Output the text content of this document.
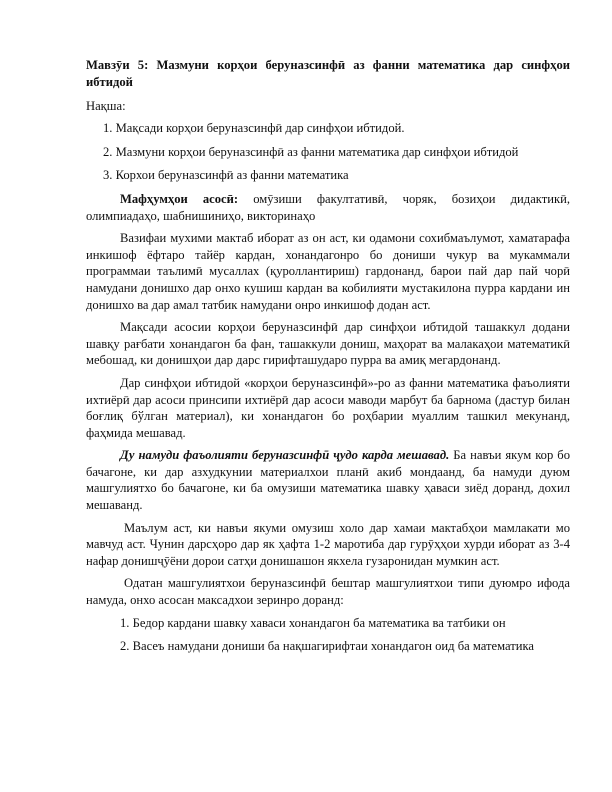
Мавзӯи 5: Мазмуни корҳои беруназсинфӣ аз фанни математика дар синфҳои ибтидой

Нақша:

1. Мақсади корҳои беруназсинфӣ дар синфҳои ибтидой.

2. Мазмуни корҳои беруназсинфӣ аз фанни математика дар синфҳои ибтидой

3. Корхои беруназсинфӣ аз фанни математика

Мафҳумҳои асосӣ: омӯзиши факултативӣ, чоряк, бозиҳои дидактикӣ, олимпиадаҳо, шабнишиниҳо, викторинаҳо

Вазифаи мухими мактаб иборат аз он аст, ки одамони сохибмаълумот, хаматарафа инкишоф ёфтаро тайёр кардан, хонандагонро бо дониши чукур ва мукаммали программаи таълимӣ мусаллах (қуроллантириш) гардонанд, барои пай дар пай чорӣ намудани донишхо дар онхо кушиш кардан ва кобилияти мустакилона пурра кардани ин донишхо ва дар амал татбик намудани онро инкишоф додан аст.

Мақсади асосии корҳои беруназсинфӣ дар синфҳои ибтидой ташаккул додани шавқу рағбати хонандагон ба фан, ташаккули дониш, маҳорат ва малакаҳои математикӣ мебошад, ки донишҳои дар дарс гирифташударо пурра ва амиқ мегардонанд.

Дар синфҳои ибтидой «корҳои беруназсинфӣ»-ро аз фанни математика фаъолияти ихтиёрӣ дар асоси принсипи ихтиёрӣ дар асоси маводи марбут ба барнома (дастур билан боғлиқ бўлган материал), ки хонандагон бо роҳбарии муаллим ташкил мекунанд, фаҳмида мешавад.

Ду намуди фаъолияти беруназсинфӣ ҷудо карда мешавад. Ба навъи якум кор бо бачагоне, ки дар азхудкунии материалхои планӣ акиб мондаанд, ба намуди дуюм машгулиятхо бо бачагоне, ки ба омузиши математика шавку ҳаваси зиёд доранд, дохил мешаванд.

Маълум аст, ки навъи якуми омузиш холо дар хамаи мактабҳои мамлакати мо мавчуд аст. Чунин дарсҳоро дар як ҳафта 1-2 маротиба дар гурӯҳҳои хурди иборат аз 3-4 нафар донишҷӯёни дорои сатҳи донишашон якхела гузаронидан мумкин аст.

Одатан машгулиятхои беруназсинфӣ бештар машгулиятхои типи дуюмро ифода намуда, онхо асосан максадхои зеринро доранд:

1. Бедор кардани шавку хаваси хонандагон ба математика ва татбики он

2. Васеъ намудани дониши ба нақшагирифтаи хонандагон оид ба математика
